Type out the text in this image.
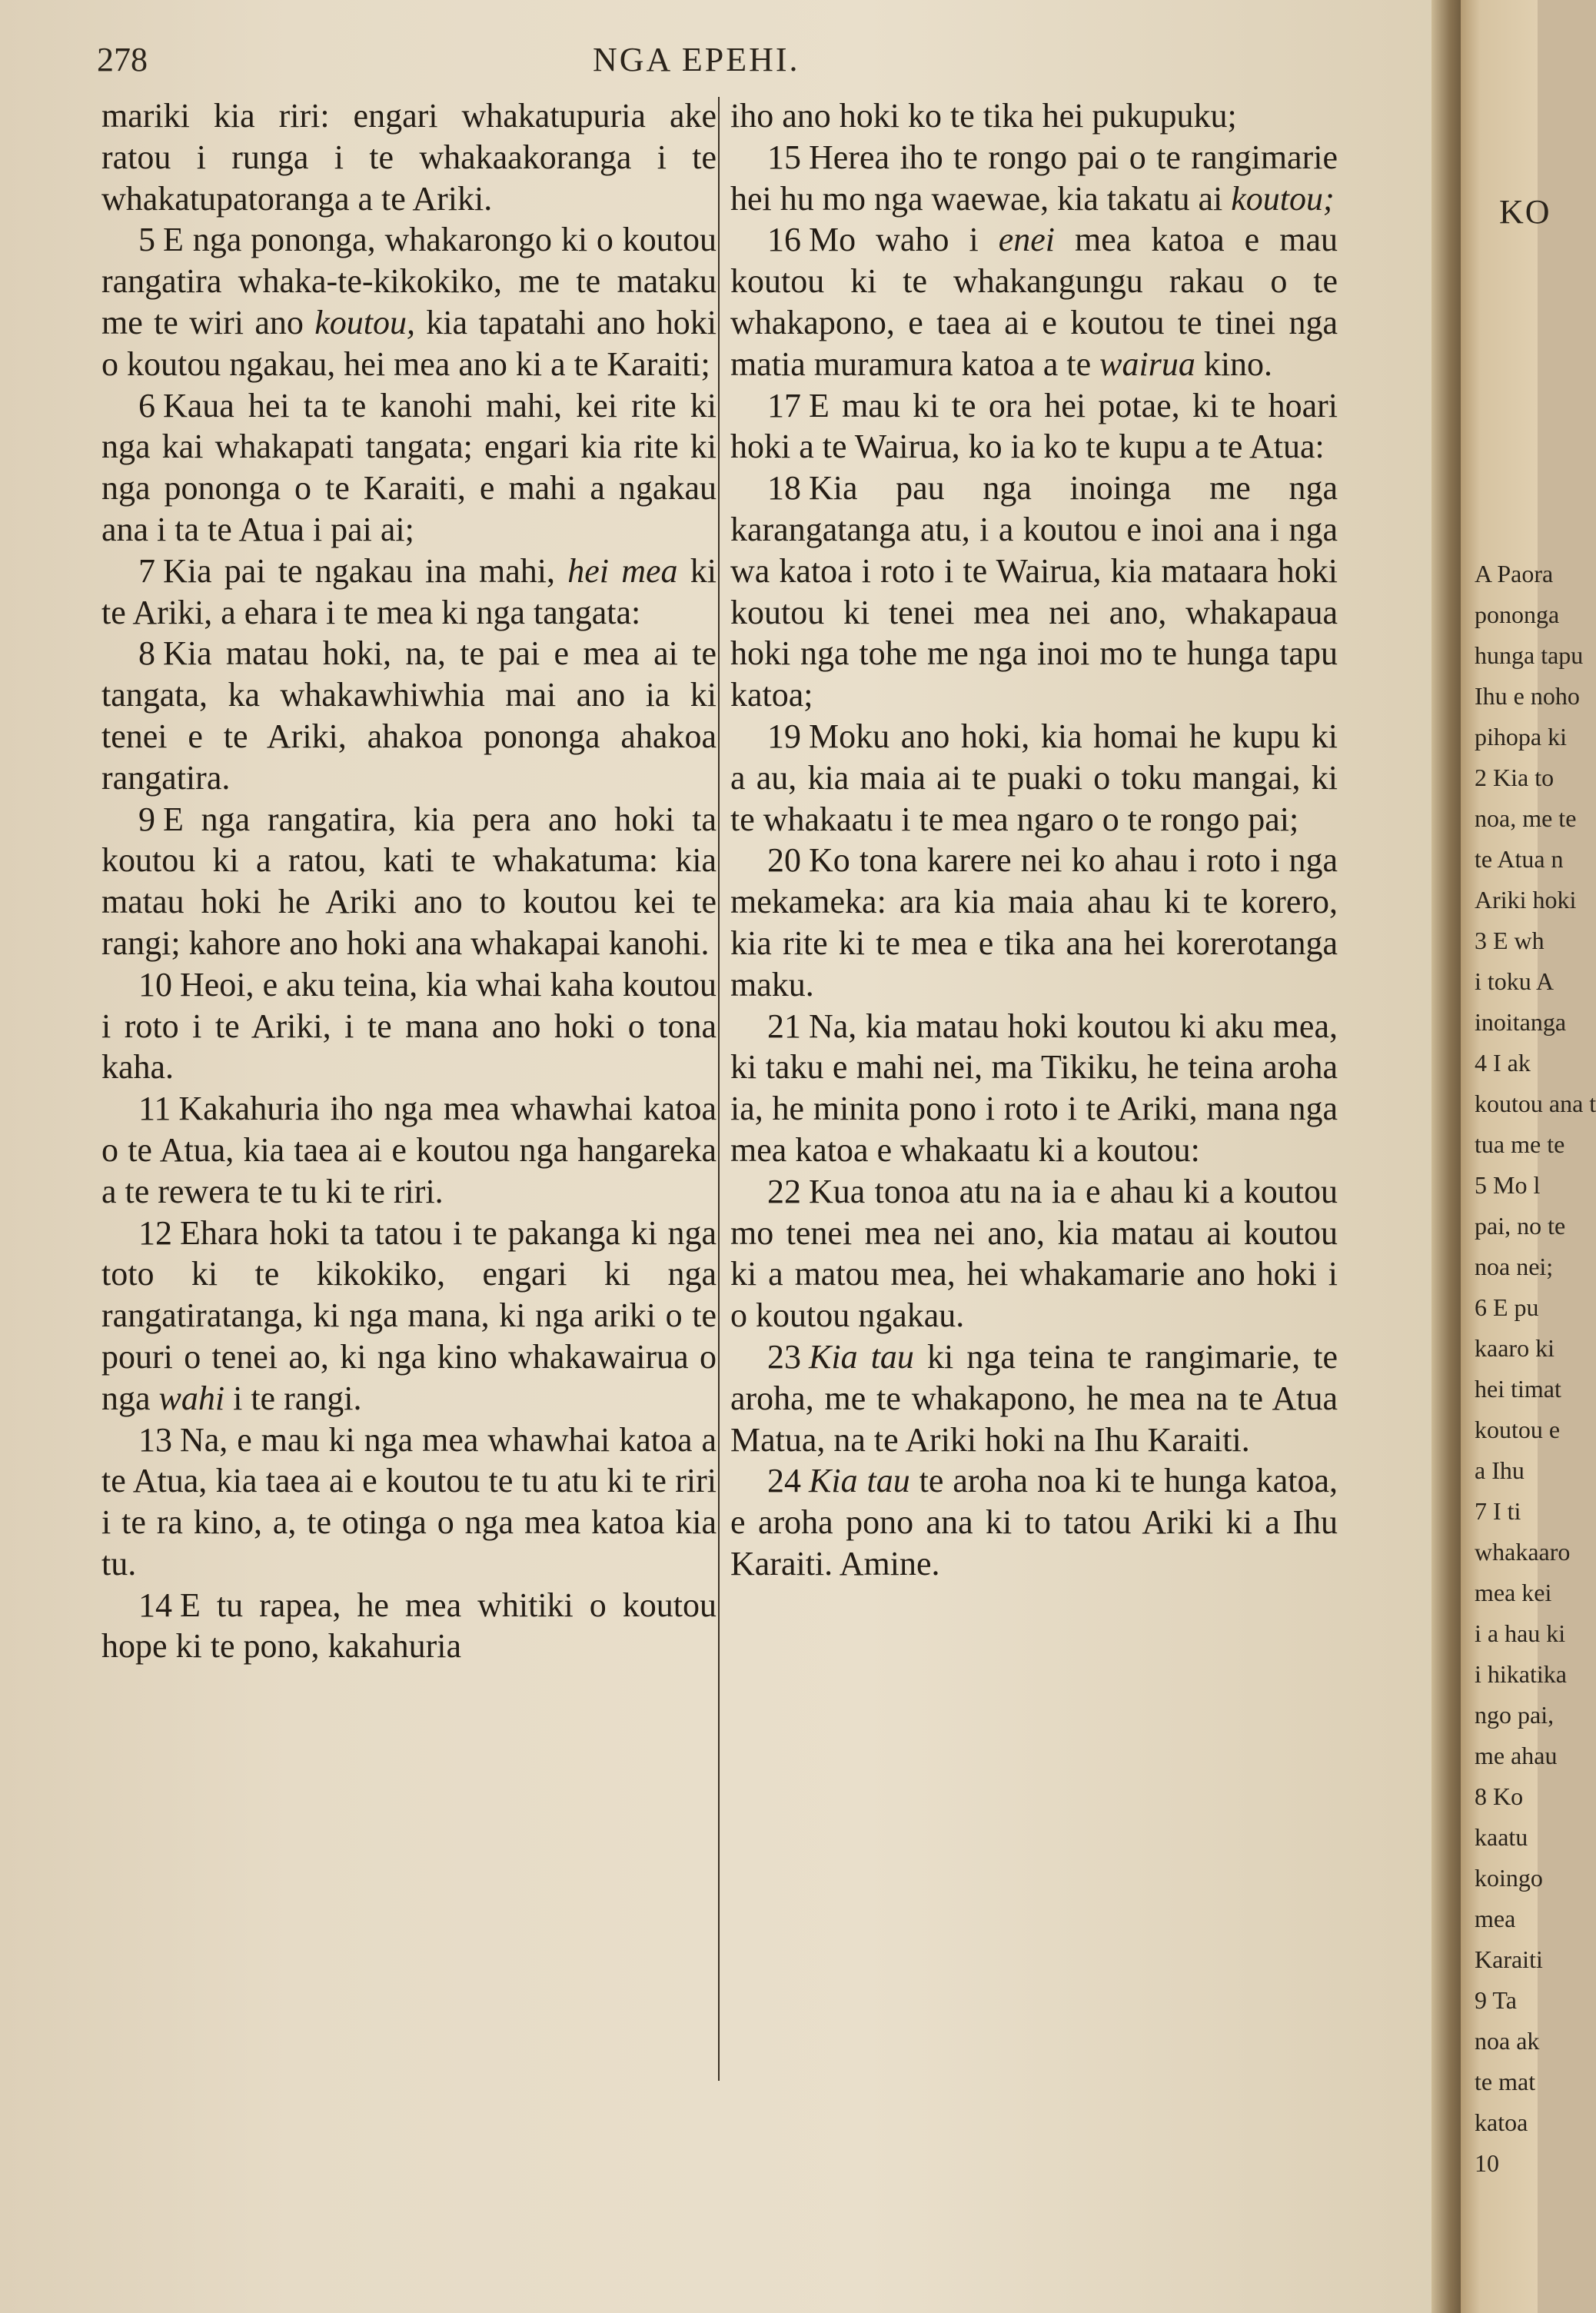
278	NGA EPEHI.

mariki kia riri: engari whakatupuria ake ratou i runga i te whakaakoranga i te whakatupatoranga a te Ariki.

5 E nga pononga, whakarongo ki o koutou rangatira whaka-te-kikokiko, me te mataku me te wiri ano koutou, kia tapatahi ano hoki o koutou ngakau, hei mea ano ki a te Karaiti;

6 Kaua hei ta te kanohi mahi, kei rite ki nga kai whakapati tangata; engari kia rite ki nga pononga o te Karaiti, e mahi a ngakau ana i ta te Atua i pai ai;

7 Kia pai te ngakau ina mahi, hei mea ki te Ariki, a ehara i te mea ki nga tangata:

8 Kia matau hoki, na, te pai e mea ai te tangata, ka whakawhiwhia mai ano ia ki tenei e te Ariki, ahakoa pononga ahakoa rangatira.

9 E nga rangatira, kia pera ano hoki ta koutou ki a ratou, kati te whakatuma: kia matau hoki he Ariki ano to koutou kei te rangi; kahore ano hoki ana whakapai kanohi.

10 Heoi, e aku teina, kia whai kaha koutou i roto i te Ariki, i te mana ano hoki o tona kaha.

11 Kakahuria iho nga mea whawhai katoa o te Atua, kia taea ai e koutou nga hangareka a te rewera te tu ki te riri.

12 Ehara hoki ta tatou i te pakanga ki nga toto ki te kikokiko, engari ki nga rangatiratanga, ki nga mana, ki nga ariki o te pouri o tenei ao, ki nga kino whakawairua o nga wahi i te rangi.

13 Na, e mau ki nga mea whawhai katoa a te Atua, kia taea ai e koutou te tu atu ki te riri i te ra kino, a, te otinga o nga mea katoa kia tu.

14 E tu rapea, he mea whitiki o koutou hope ki te pono, kakahuria

iho ano hoki ko te tika hei pukupuku;

15 Herea iho te rongo pai o te rangimarie hei hu mo nga waewae, kia takatu ai koutou;

16 Mo waho i enei mea katoa e mau koutou ki te whakangungu rakau o te whakapono, e taea ai e koutou te tinei nga matia muramura katoa a te wairua kino.

17 E mau ki te ora hei potae, ki te hoari hoki a te Wairua, ko ia ko te kupu a te Atua:

18 Kia pau nga inoinga me nga karangatanga atu, i a koutou e inoi ana i nga wa katoa i roto i te Wairua, kia mataara hoki koutou ki tenei mea nei ano, whakapaua hoki nga tohe me nga inoi mo te hunga tapu katoa;

19 Moku ano hoki, kia homai he kupu ki a au, kia maia ai te puaki o toku mangai, ki te whakaatu i te mea ngaro o te rongo pai;

20 Ko tona karere nei ko ahau i roto i nga mekameka: ara kia maia ahau ki te korero, kia rite ki te mea e tika ana hei korerotanga maku.

21 Na, kia matau hoki koutou ki aku mea, ki taku e mahi nei, ma Tikiku, he teina aroha ia, he minita pono i roto i te Ariki, mana nga mea katoa e whakaatu ki a koutou:

22 Kua tonoa atu na ia e ahau ki a koutou mo tenei mea nei ano, kia matau ai koutou ki a matou mea, hei whakamarie ano hoki i o koutou ngakau.

23 Kia tau ki nga teina te rangimarie, te aroha, me te whakapono, he mea na te Atua Matua, na te Ariki hoki na Ihu Karaiti.

24 Kia tau te aroha noa ki te hunga katoa, e aroha pono ana ki to tatou Ariki ki a Ihu Karaiti. Amine.

KO
A Paora
pononga
hunga tapu
Ihu e noho
pihopa ki
2 Kia to
noa, me te
te Atua n
Ariki hoki
3 E wh
i toku A
inoitanga
4 I ak
koutou ana t
tua me te
5 Mo l
pai, no te
noa nei;
6 E pu
kaaro ki
hei timat
koutou e
a Ihu
7 I ti
whakaaro
mea kei
i a hau ki
i hikatika
ngo pai,
me ahau
8 Ko
kaatu
koingo
mea
Karaiti
9 Ta
noa ak
te mat
katoa
10
